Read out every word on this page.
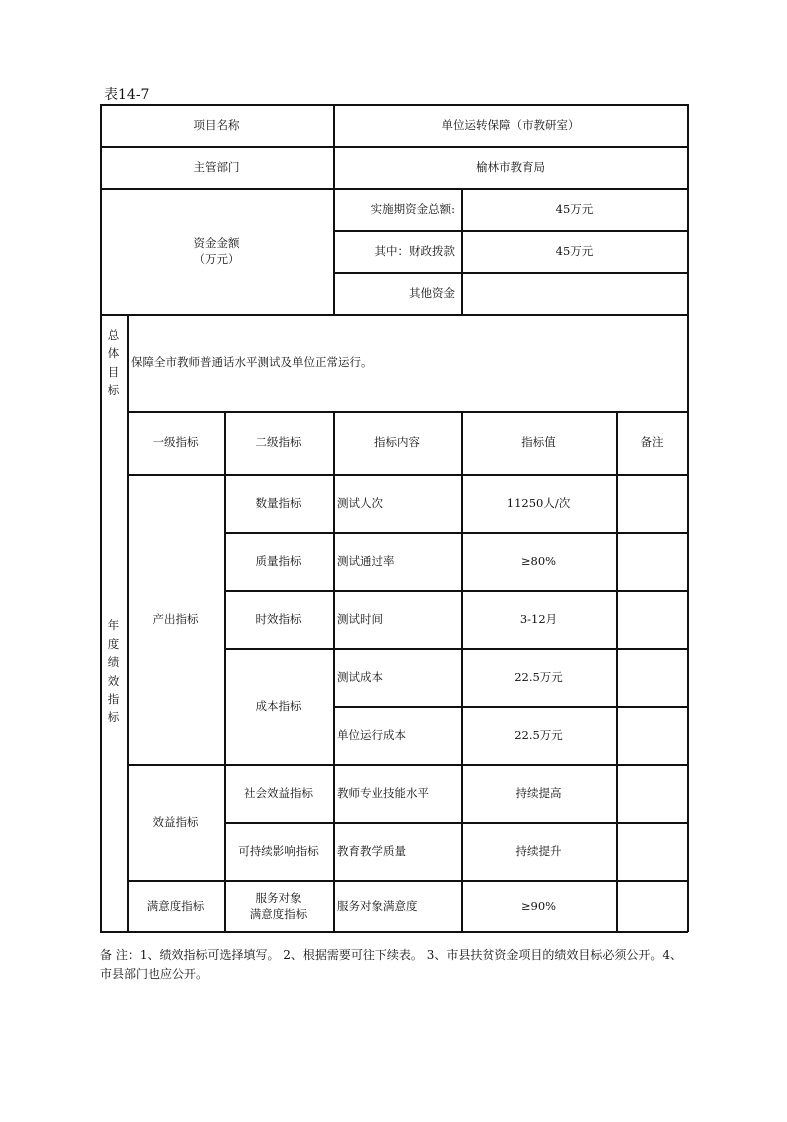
表14-7
项目名称	单位运转保障（市教研室）
主管部门	榆林市教育局
资金金额
（万元）
实施期资金总额:	45万元
其中：财政拨款	45万元
其他资金
总体目标
保障全市教师普通话水平测试及单位正常运行。
年度绩效指标
一级指标	二级指标	指标内容	指标值	备注
产出指标
数量指标	测试人次	11250人/次
质量指标	测试通过率	≥80%
时效指标	测试时间	3-12月
成本指标
测试成本	22.5万元
单位运行成本	22.5万元
效益指标
社会效益指标	教师专业技能水平	持续提高
可持续影响指标	教育教学质量	持续提升
满意度指标
服务对象
满意度指标
服务对象满意度	≥90%
备 注：1、绩效指标可选择填写。 2、根据需要可往下续表。 3、市县扶贫资金项目的绩效目标必须公开。4、市县部门也应公开。
